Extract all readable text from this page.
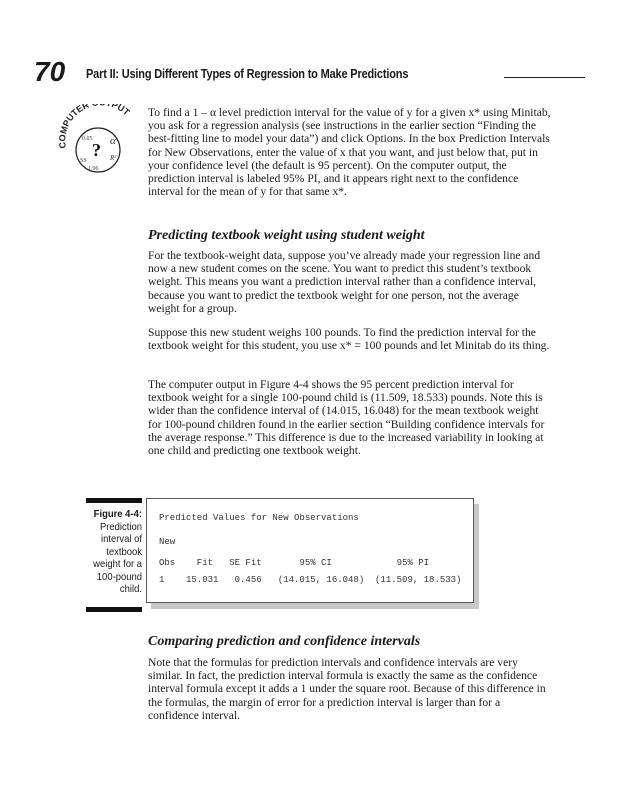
70 Part II: Using Different Types of Regression to Make Predictions
COMPUTER PUT
0.05 α
? R²
SS
1.96

To find a 1 – α level prediction interval for the value of y for a given x* using Minitab, you ask for a regression analysis (see instructions in the earlier section “Finding the best-fitting line to model your data”) and click Options. In the box Prediction Intervals for New Observations, enter the value of x that you want, and just below that, put in your confidence level (the default is 95 percent). On the computer output, the prediction interval is labeled 95% PI, and it appears right next to the confidence interval for the mean of y for that same x*.

Predicting textbook weight using student weight

For the textbook-weight data, suppose you’ve already made your regression line and now a new student comes on the scene. You want to predict this student’s textbook weight. This means you want a prediction interval rather than a confidence interval, because you want to predict the textbook weight for one person, not the average weight for a group.

Suppose this new student weighs 100 pounds. To find the prediction interval for the textbook weight for this student, you use x* = 100 pounds and let Minitab do its thing.

The computer output in Figure 4-4 shows the 95 percent prediction interval for textbook weight for a single 100-pound child is (11.509, 18.533) pounds. Note this is wider than the confidence interval of (14.015, 16.048) for the mean textbook weight for 100-pound children found in the earlier section “Building confidence intervals for the average response.” This difference is due to the increased variability in looking at one child and predicting one textbook weight.

Figure 4-4:
Prediction
interval of
textbook
weight for a
100-pound
child.
Predicted Values for New Observations
New
Obs    Fit   SE Fit       95% CI            95% PI
1    15.031   0.456   (14.015, 16.048)  (11.509, 18.533)
Comparing prediction and confidence intervals

Note that the formulas for prediction intervals and confidence intervals are very similar. In fact, the prediction interval formula is exactly the same as the confidence interval formula except it adds a 1 under the square root. Because of this difference in the formulas, the margin of error for a prediction interval is larger than for a confidence interval.
